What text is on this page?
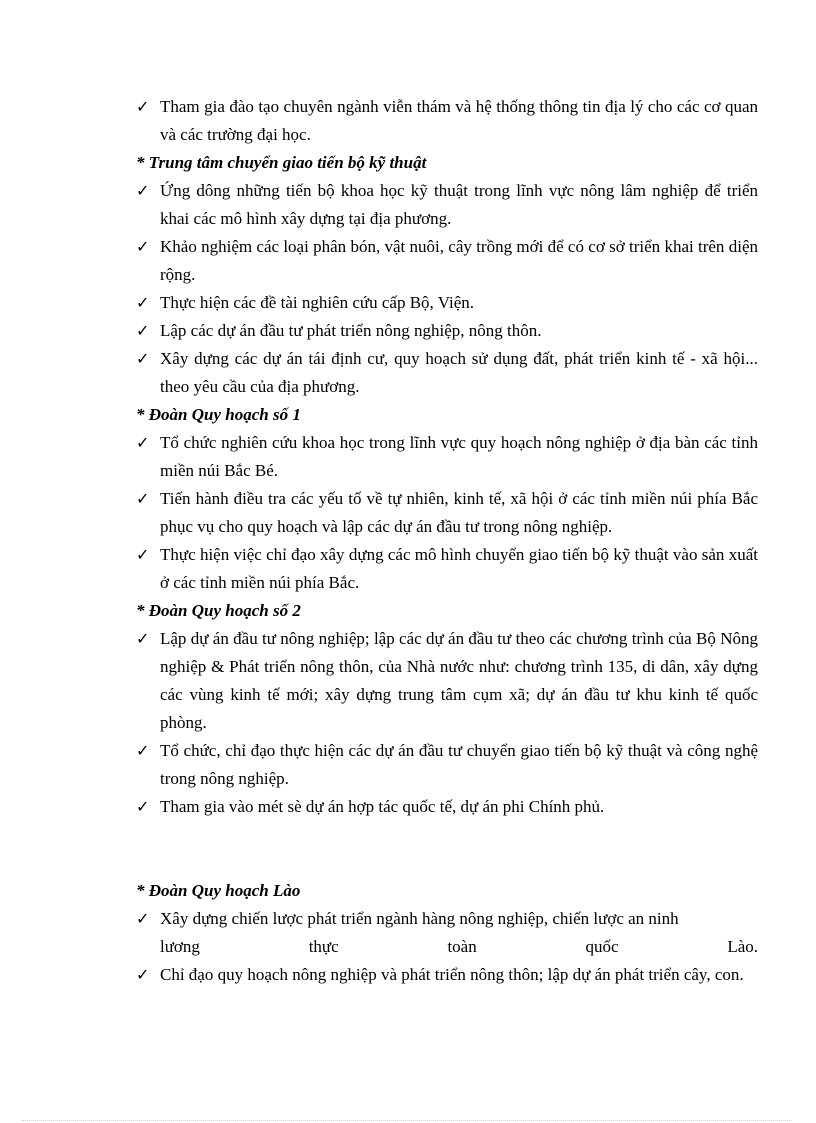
✓ Tham gia đào tạo chuyên ngành viễn thám và hệ thống thông tin địa lý cho các cơ quan và các trường đại học.
* Trung tâm chuyển giao tiến bộ kỹ thuật
✓ Ứng dông những tiến bộ khoa học kỹ thuật trong lĩnh vực nông lâm nghiệp để triển khai các mô hình xây dựng tại địa phương.
✓ Khảo nghiệm các loại phân bón, vật nuôi, cây trồng mới để có cơ sở triển khai trên diện rộng.
✓ Thực hiện các đề tài nghiên cứu cấp Bộ, Viện.
✓ Lập các dự án đầu tư phát triển nông nghiệp, nông thôn.
✓ Xây dựng các dự án tái định cư, quy hoạch sử dụng đất, phát triển kinh tế - xã hội... theo yêu cầu của địa phương.
* Đoàn Quy hoạch số 1
✓ Tổ chức nghiên cứu khoa học trong lĩnh vực quy hoạch nông nghiệp ở địa bàn các tỉnh miền núi Bắc Bé.
✓ Tiến hành điều tra các yếu tố về tự nhiên, kinh tế, xã hội ở các tỉnh miền núi phía Bắc phục vụ cho quy hoạch và lập các dự án đầu tư trong nông nghiệp.
✓ Thực hiện việc chỉ đạo xây dựng các mô hình chuyển giao tiến bộ kỹ thuật vào sản xuất ở các tỉnh miền núi phía Bắc.
* Đoàn Quy hoạch số 2
✓ Lập dự án đầu tư nông nghiệp; lập các dự án đầu tư theo các chương trình của Bộ Nông nghiệp & Phát triển nông thôn, của Nhà nước như: chương trình 135, di dân, xây dựng các vùng kinh tế mới; xây dựng trung tâm cụm xã; dự án đầu tư khu kinh tế quốc phòng.
✓ Tổ chức, chỉ đạo thực hiện các dự án đầu tư chuyển giao tiến bộ kỹ thuật và công nghệ trong nông nghiệp.
✓ Tham gia vào mét sè dự án hợp tác quốc tế, dự án phi Chính phủ.
* Đoàn Quy hoạch Lào
✓ Xây dựng chiến lược phát triển ngành hàng nông nghiệp, chiến lược an ninh
lương	thực	toàn	quốc	Lào.
✓ Chỉ đạo quy hoạch nông nghiệp và phát triển nông thôn; lập dự án phát triển cây, con.
